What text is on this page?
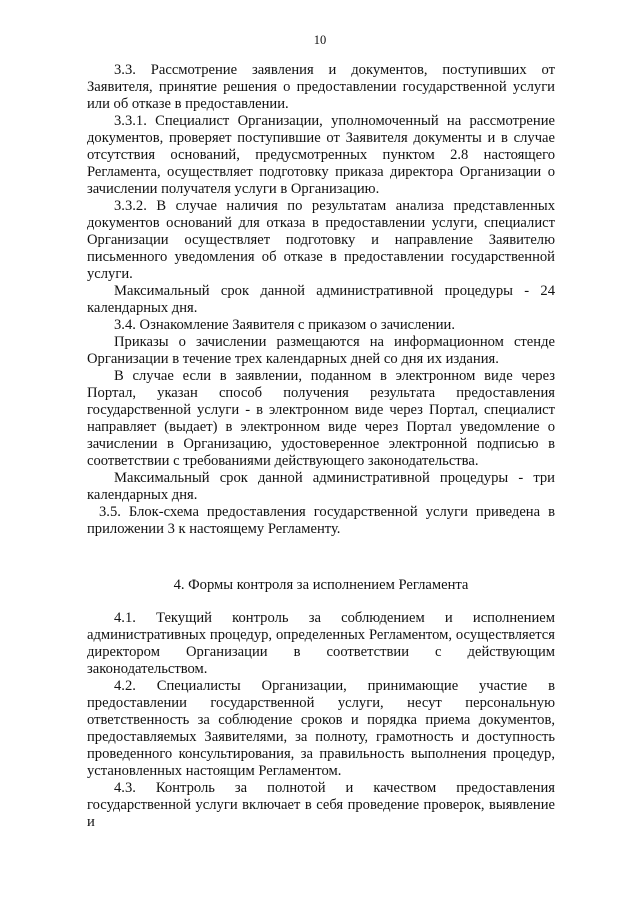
10

3.3. Рассмотрение заявления и документов, поступивших от Заявителя, принятие решения о предоставлении государственной услуги или об отказе в предоставлении.

3.3.1. Специалист Организации, уполномоченный на рассмотрение документов, проверяет поступившие от Заявителя документы и в случае отсутствия оснований, предусмотренных пунктом 2.8 настоящего Регламента, осуществляет подготовку приказа директора Организации о зачислении получателя услуги в Организацию.

3.3.2. В случае наличия по результатам анализа представленных документов оснований для отказа в предоставлении услуги, специалист Организации осуществляет подготовку и направление Заявителю письменного уведомления об отказе в предоставлении государственной услуги.

Максимальный срок данной административной процедуры - 24 календарных дня.

3.4. Ознакомление Заявителя с приказом о зачислении.

Приказы о зачислении размещаются на информационном стенде Организации в течение трех календарных дней со дня их издания.

В случае если в заявлении, поданном в электронном виде через Портал, указан способ получения результата предоставления государственной услуги - в электронном виде через Портал, специалист направляет (выдает) в электронном виде через Портал уведомление о зачислении в Организацию, удостоверенное электронной подписью в соответствии с требованиями действующего законодательства.

Максимальный срок данной административной процедуры - три календарных дня.

3.5. Блок-схема предоставления государственной услуги приведена в приложении 3 к настоящему Регламенту.

4. Формы контроля за исполнением Регламента

4.1. Текущий контроль за соблюдением и исполнением административных процедур, определенных Регламентом, осуществляется директором Организации в соответствии с действующим законодательством.

4.2. Специалисты Организации, принимающие участие в предоставлении государственной услуги, несут персональную ответственность за соблюдение сроков и порядка приема документов, предоставляемых Заявителями, за полноту, грамотность и доступность проведенного консультирования, за правильность выполнения процедур, установленных настоящим Регламентом.

4.3. Контроль за полнотой и качеством предоставления государственной услуги включает в себя проведение проверок, выявление и
